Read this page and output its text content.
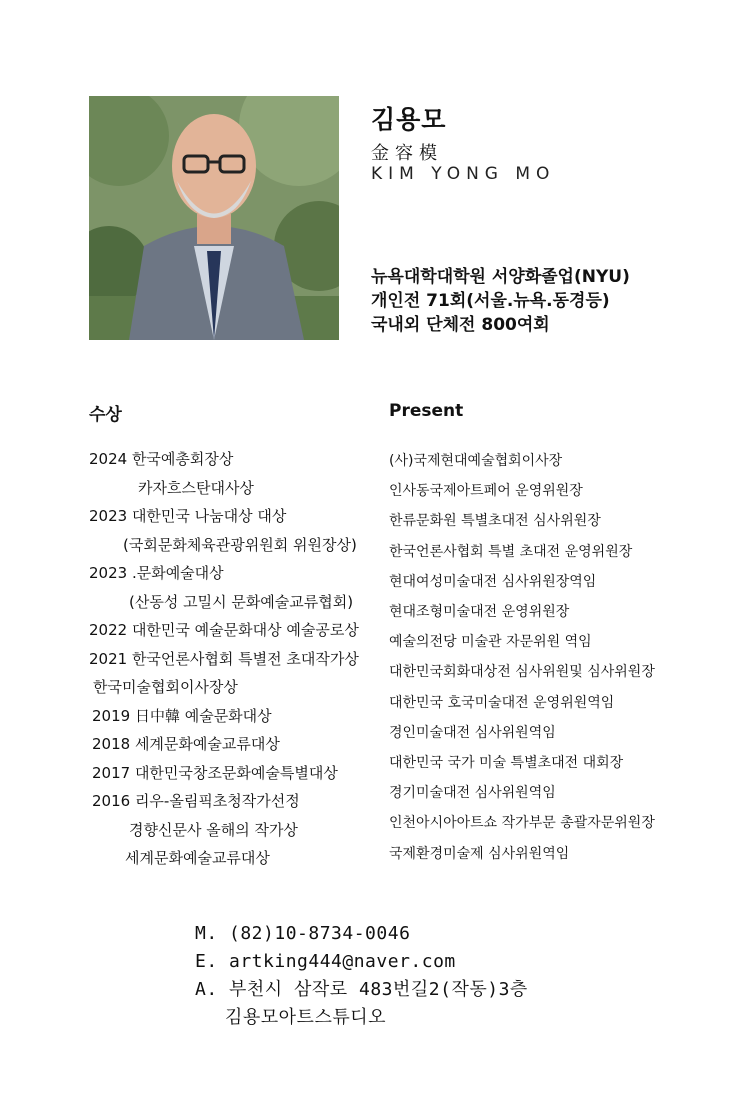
김용모
金容模
KIM YONG MO
뉴욕대학대학원 서양화졸업(NYU)
개인전 71회(서울.뉴욕.동경등)
국내외 단체전 800여회
수상	Present
2024 한국예총회장상
카자흐스탄대사상
2023 대한민국 나눔대상 대상
(국회문화체육관광위원회 위원장상)
2023 .문화예술대상
(산동성 고밀시 문화예술교류협회)
2022 대한민국 예술문화대상 예술공로상
2021 한국언론사협회 특별전 초대작가상
한국미술협회이사장상
2019 日中韓 예술문화대상
2018 세계문화예술교류대상
2017 대한민국창조문화예술특별대상
2016 리우-올림픽초청작가선정
경향신문사 올해의 작가상
세계문화예술교류대상
(사)국제현대예술협회이사장
인사동국제아트페어 운영위원장
한류문화원 특별초대전 심사위원장
한국언론사협회 특별 초대전 운영위원장
현대여성미술대전 심사위원장역임
현대조형미술대전 운영위원장
예술의전당 미술관 자문위원 역임
대한민국회화대상전 심사위원및 심사위원장
대한민국 호국미술대전 운영위원역임
경인미술대전 심사위원역임
대한민국 국가 미술 특별초대전 대회장
경기미술대전 심사위원역임
인천아시아아트쇼 작가부문 총괄자문위원장
국제환경미술제 심사위원역임
M. (82)10-8734-0046
E. artking444@naver.com
A. 부천시 삼작로 483번길2(작동)3층
김용모아트스튜디오
